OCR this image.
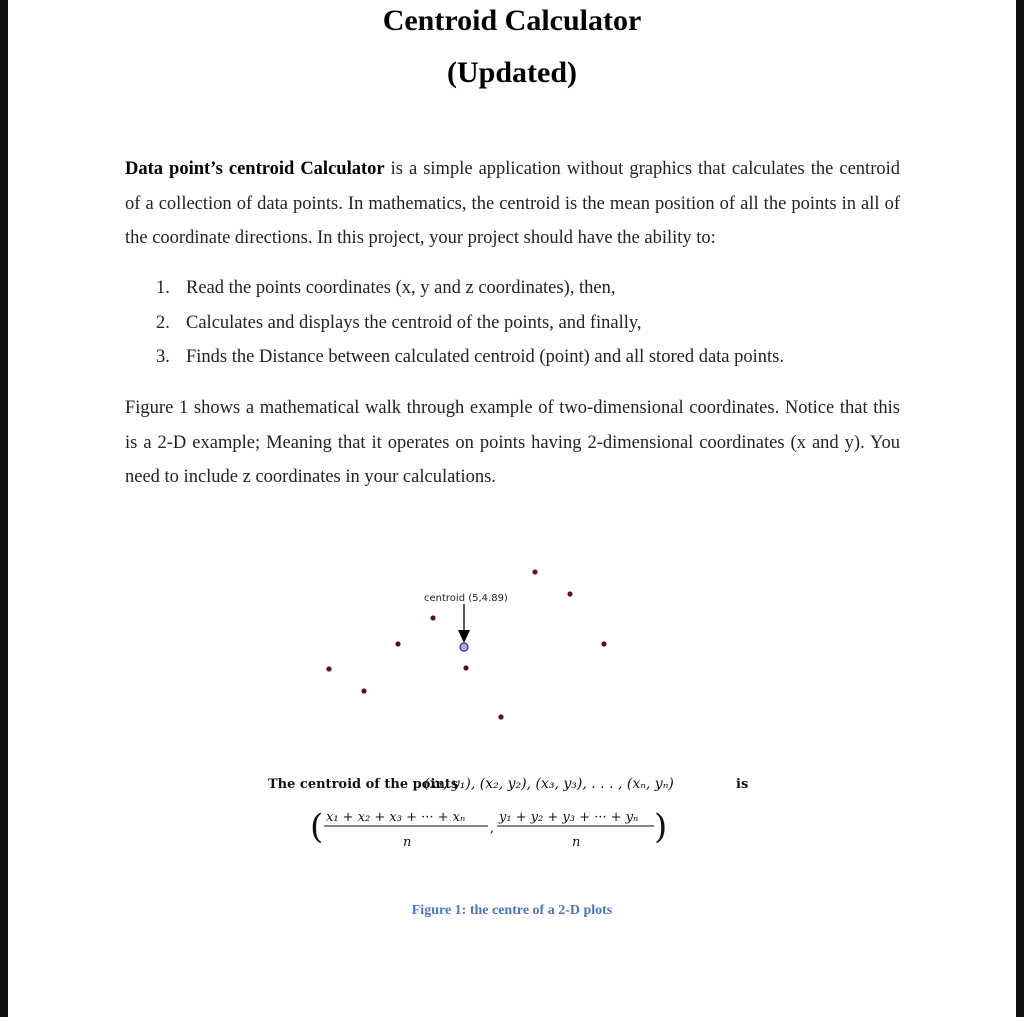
Centroid Calculator
(Updated)

Data point’s centroid Calculator is a simple application without graphics that calculates the centroid of a collection of data points. In mathematics, the centroid is the mean position of all the points in all of the coordinate directions. In this project, your project should have the ability to:

1. Read the points coordinates (x, y and z coordinates), then,
2. Calculates and displays the centroid of the points, and finally,
3. Finds the Distance between calculated centroid (point) and all stored data points.

Figure 1 shows a mathematical walk through example of two-dimensional coordinates. Notice that this is a 2-D example; Meaning that it operates on points having 2-dimensional coordinates (x and y). You need to include z coordinates in your calculations.

centroid (5,4.89)
The centroid of the points
(x₁, y₁), (x₂, y₂), (x₃, y₃), . . . , (xₙ, yₙ)	is
( x₁ + x₂ + x₃ + ··· + xₙ
n
,
y₁ + y₂ + y₃ + ··· + yₙ
n )
Figure 1: the centre of a 2-D plots
